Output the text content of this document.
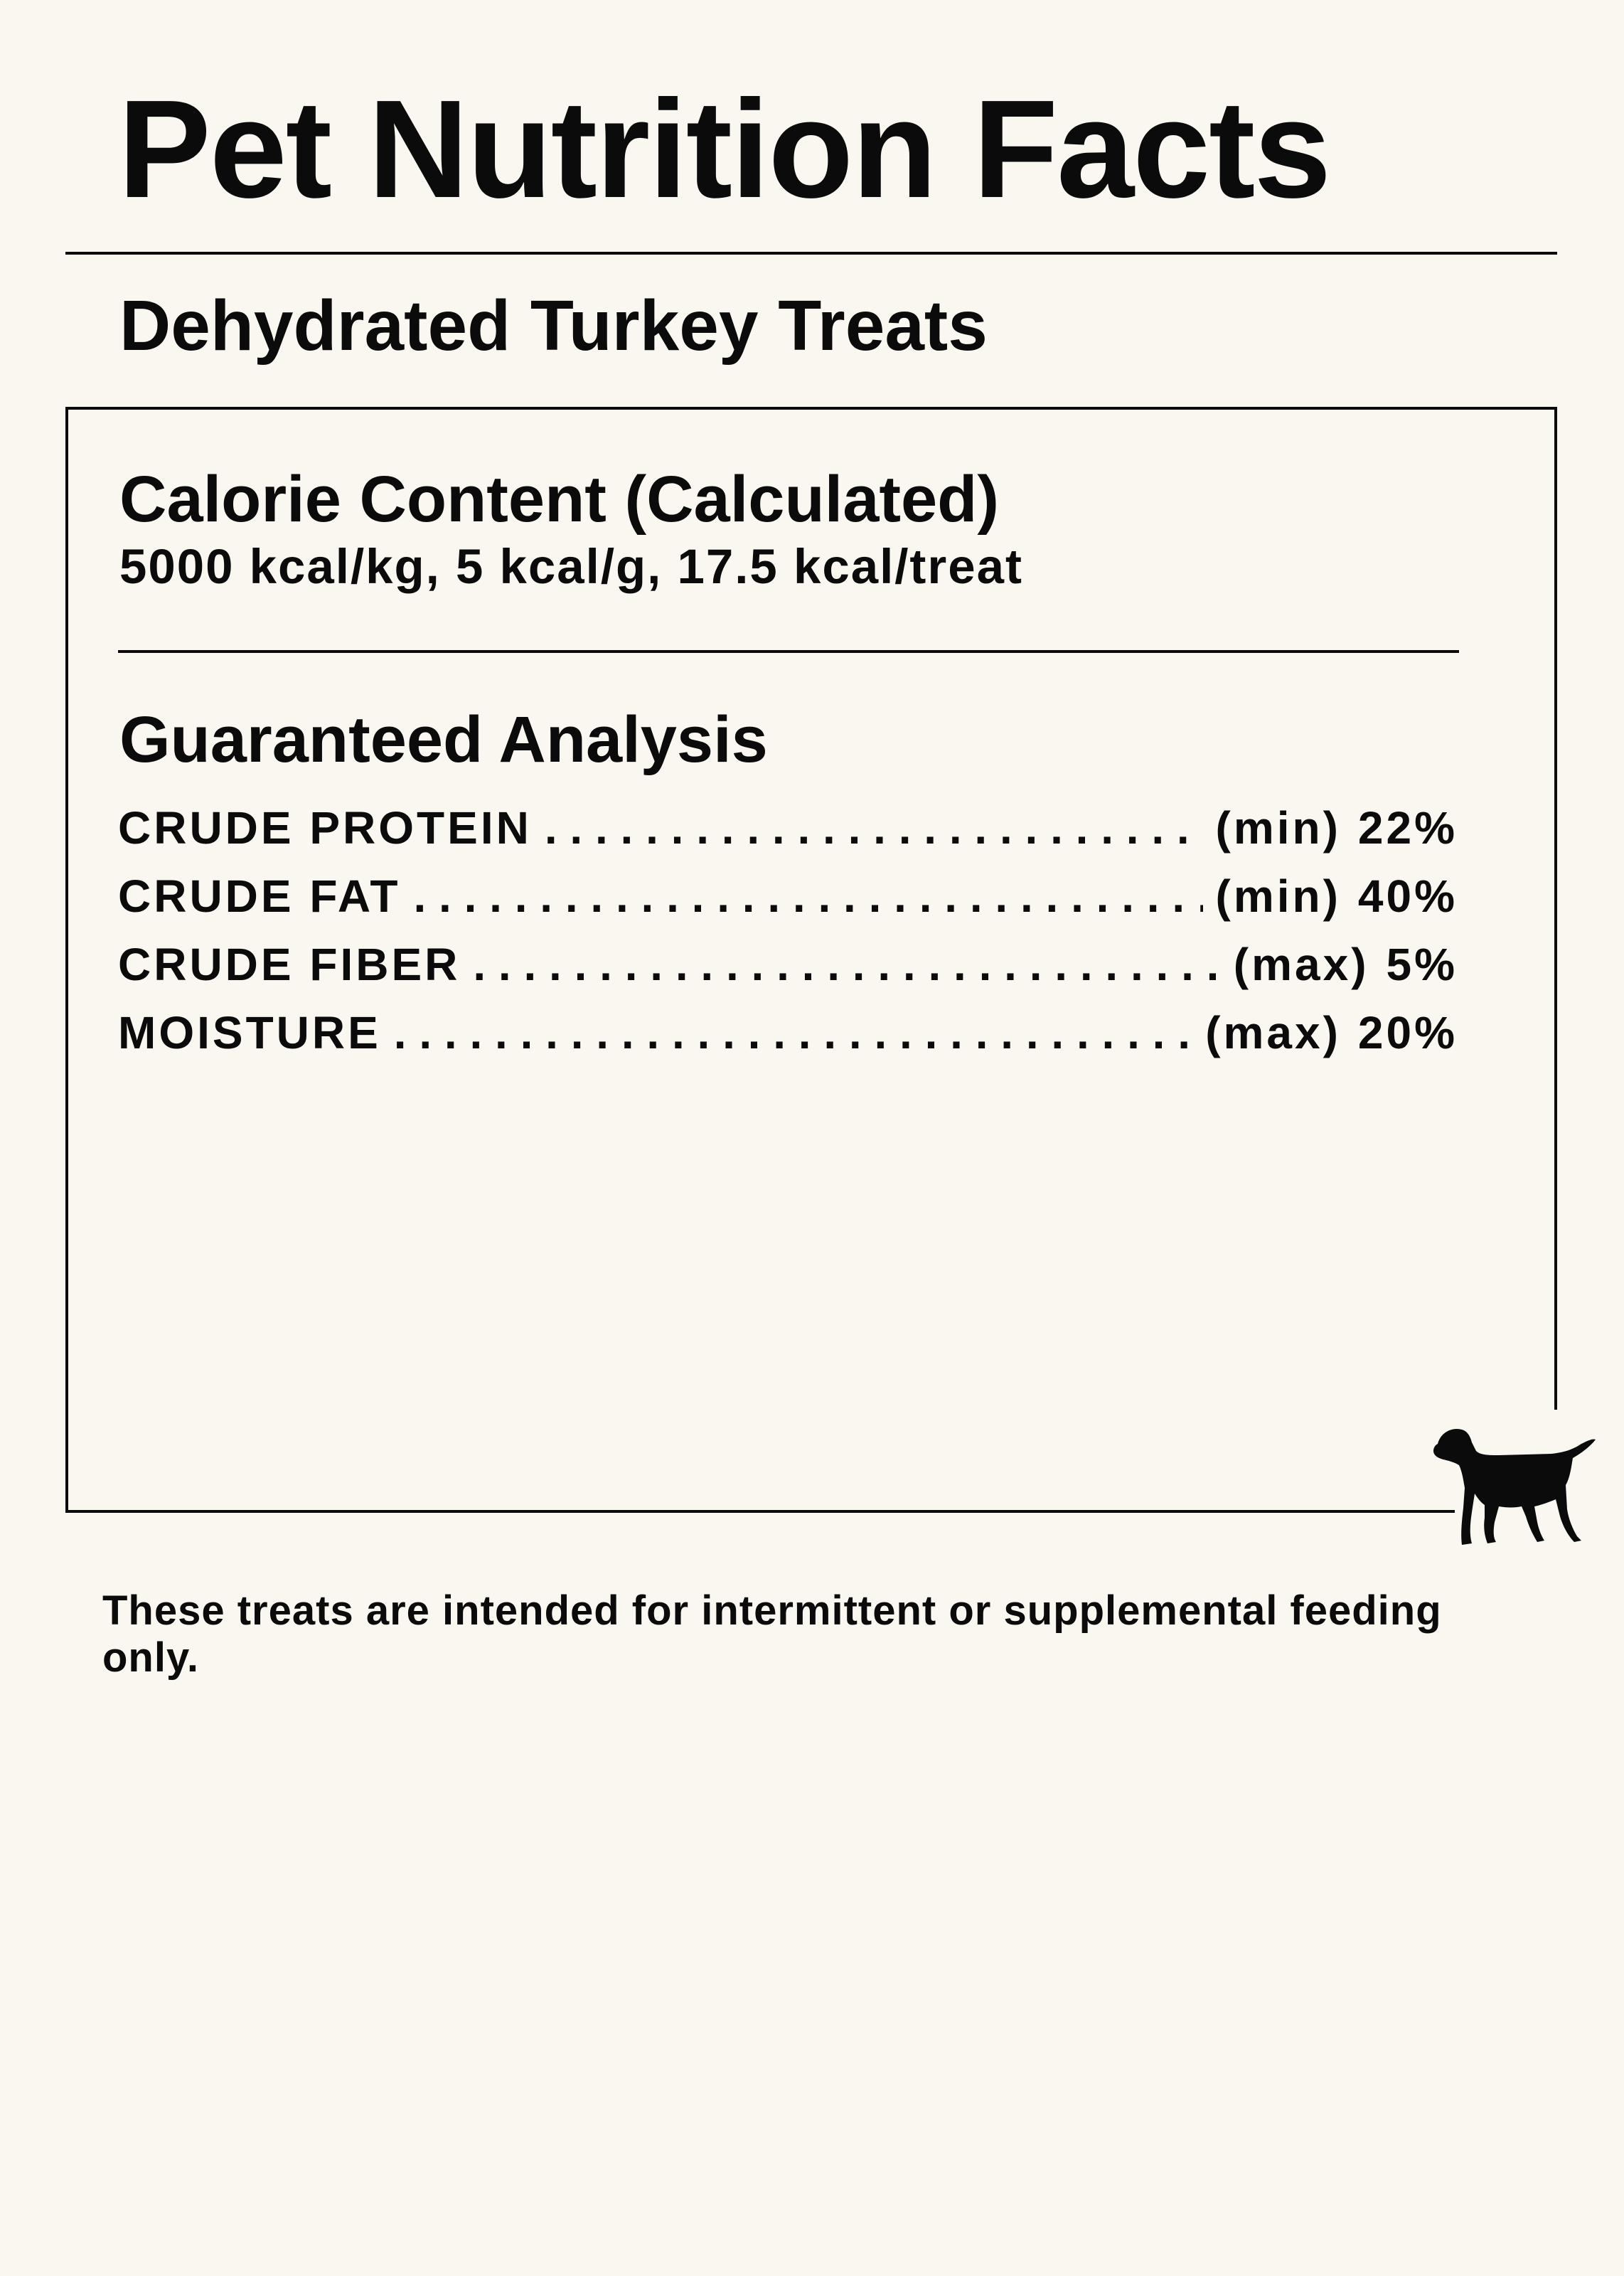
Pet Nutrition Facts
Dehydrated Turkey Treats
Calorie Content (Calculated)
5000 kcal/kg, 5 kcal/g, 17.5 kcal/treat
Guaranteed Analysis
CRUDE PROTEIN . . .	(min) 22%
CRUDE FAT . . .	(min) 40%
CRUDE FIBER . . .	(max) 5%
MOISTURE . . .	(max) 20%

These treats are intended for intermittent or supplemental feeding only.
